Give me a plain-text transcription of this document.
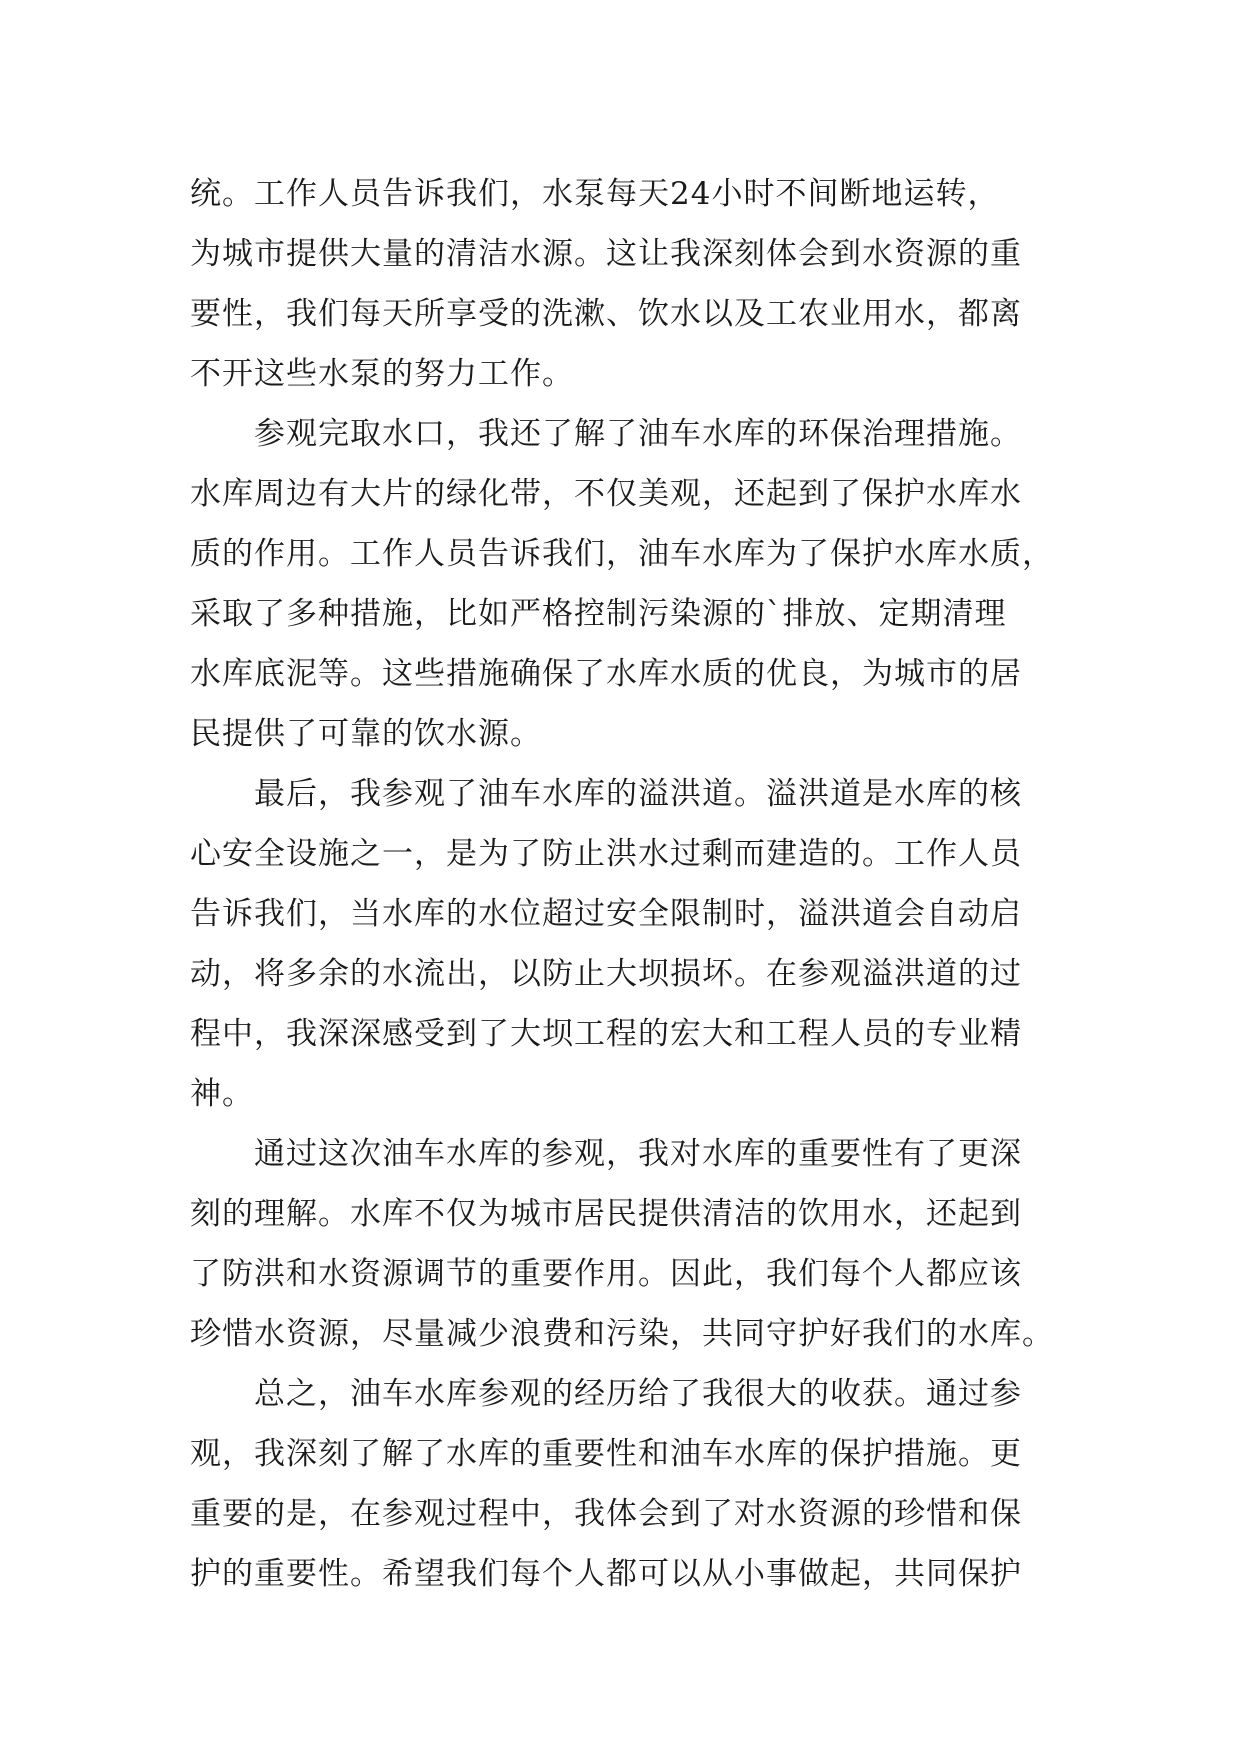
统。工作人员告诉我们，水泵每天24小时不间断地运转，
为城市提供大量的清洁水源。这让我深刻体会到水资源的重
要性，我们每天所享受的洗漱、饮水以及工农业用水，都离
不开这些水泵的努力工作。
参观完取水口，我还了解了油车水库的环保治理措施。
水库周边有大片的绿化带，不仅美观，还起到了保护水库水
质的作用。工作人员告诉我们，油车水库为了保护水库水质，
采取了多种措施，比如严格控制污染源的`排放、定期清理
水库底泥等。这些措施确保了水库水质的优良，为城市的居
民提供了可靠的饮水源。
最后，我参观了油车水库的溢洪道。溢洪道是水库的核
心安全设施之一，是为了防止洪水过剩而建造的。工作人员
告诉我们，当水库的水位超过安全限制时，溢洪道会自动启
动，将多余的水流出，以防止大坝损坏。在参观溢洪道的过
程中，我深深感受到了大坝工程的宏大和工程人员的专业精
神。
通过这次油车水库的参观，我对水库的重要性有了更深
刻的理解。水库不仅为城市居民提供清洁的饮用水，还起到
了防洪和水资源调节的重要作用。因此，我们每个人都应该
珍惜水资源，尽量减少浪费和污染，共同守护好我们的水库。
总之，油车水库参观的经历给了我很大的收获。通过参
观，我深刻了解了水库的重要性和油车水库的保护措施。更
重要的是，在参观过程中，我体会到了对水资源的珍惜和保
护的重要性。希望我们每个人都可以从小事做起，共同保护
